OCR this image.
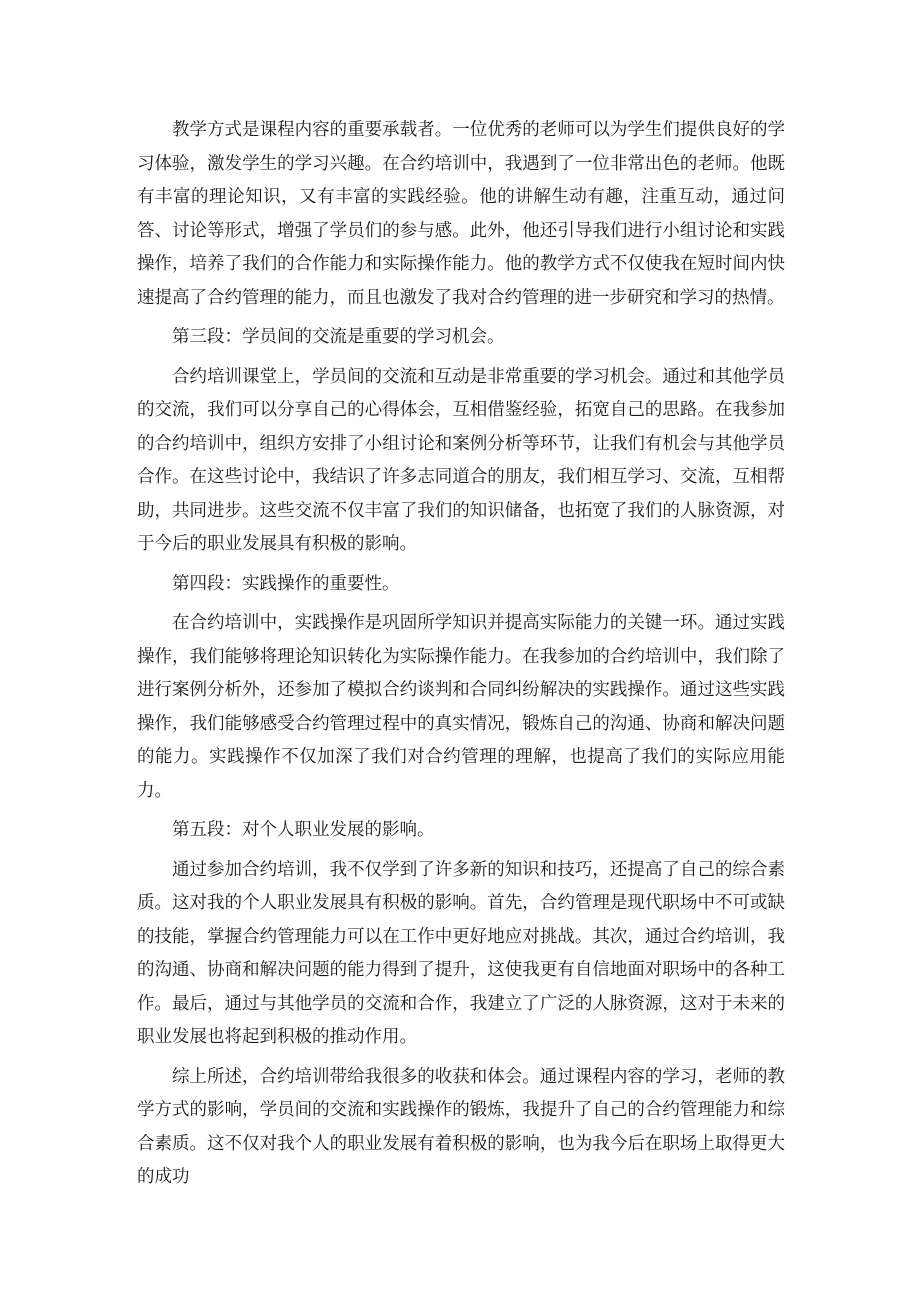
教学方式是课程内容的重要承载者。一位优秀的老师可以为学生们提供良好的学习体验，激发学生的学习兴趣。在合约培训中，我遇到了一位非常出色的老师。他既有丰富的理论知识，又有丰富的实践经验。他的讲解生动有趣，注重互动，通过问答、讨论等形式，增强了学员们的参与感。此外，他还引导我们进行小组讨论和实践操作，培养了我们的合作能力和实际操作能力。他的教学方式不仅使我在短时间内快速提高了合约管理的能力，而且也激发了我对合约管理的进一步研究和学习的热情。

第三段：学员间的交流是重要的学习机会。

合约培训课堂上，学员间的交流和互动是非常重要的学习机会。通过和其他学员的交流，我们可以分享自己的心得体会，互相借鉴经验，拓宽自己的思路。在我参加的合约培训中，组织方安排了小组讨论和案例分析等环节，让我们有机会与其他学员合作。在这些讨论中，我结识了许多志同道合的朋友，我们相互学习、交流，互相帮助，共同进步。这些交流不仅丰富了我们的知识储备，也拓宽了我们的人脉资源，对于今后的职业发展具有积极的影响。

第四段：实践操作的重要性。

在合约培训中，实践操作是巩固所学知识并提高实际能力的关键一环。通过实践操作，我们能够将理论知识转化为实际操作能力。在我参加的合约培训中，我们除了进行案例分析外，还参加了模拟合约谈判和合同纠纷解决的实践操作。通过这些实践操作，我们能够感受合约管理过程中的真实情况，锻炼自己的沟通、协商和解决问题的能力。实践操作不仅加深了我们对合约管理的理解，也提高了我们的实际应用能力。

第五段：对个人职业发展的影响。

通过参加合约培训，我不仅学到了许多新的知识和技巧，还提高了自己的综合素质。这对我的个人职业发展具有积极的影响。首先，合约管理是现代职场中不可或缺的技能，掌握合约管理能力可以在工作中更好地应对挑战。其次，通过合约培训，我的沟通、协商和解决问题的能力得到了提升，这使我更有自信地面对职场中的各种工作。最后，通过与其他学员的交流和合作，我建立了广泛的人脉资源，这对于未来的职业发展也将起到积极的推动作用。

综上所述，合约培训带给我很多的收获和体会。通过课程内容的学习，老师的教学方式的影响，学员间的交流和实践操作的锻炼，我提升了自己的合约管理能力和综合素质。这不仅对我个人的职业发展有着积极的影响，也为我今后在职场上取得更大的成功
